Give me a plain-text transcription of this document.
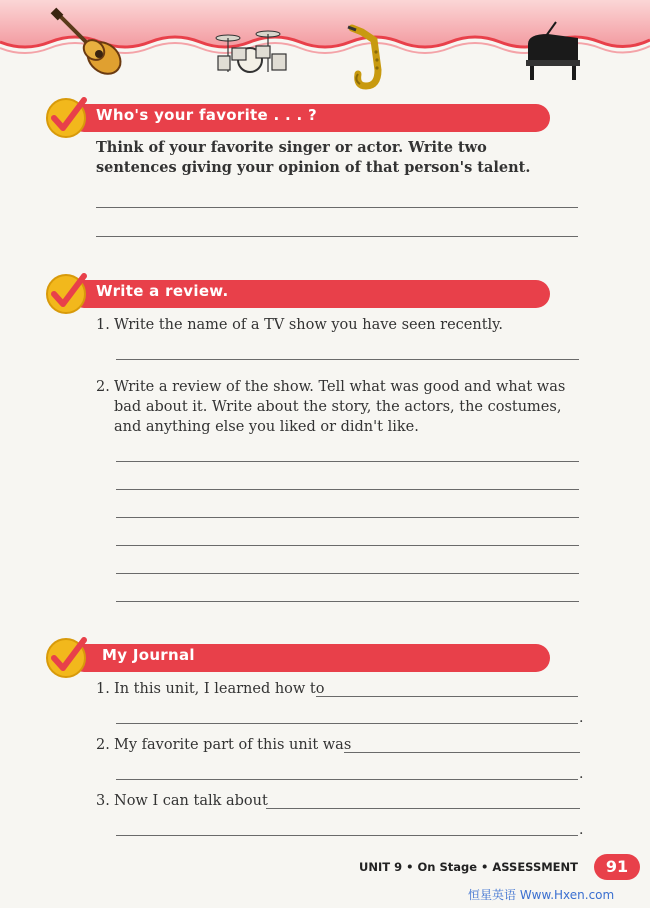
Who's your favorite . . . ?
Think of your favorite singer or actor. Write two sentences giving your opinion of that person's talent.
Write a review.
1. Write the name of a TV show you have seen recently.
2. Write a review of the show. Tell what was good and what was bad about it. Write about the story, the actors, the costumes, and anything else you liked or didn't like.
My Journal
1. In this unit, I learned how to
.
2. My favorite part of this unit was
.
3. Now I can talk about
.
UNIT 9 • On Stage • ASSESSMENT	91
恒星英语 Www.Hxen.com
